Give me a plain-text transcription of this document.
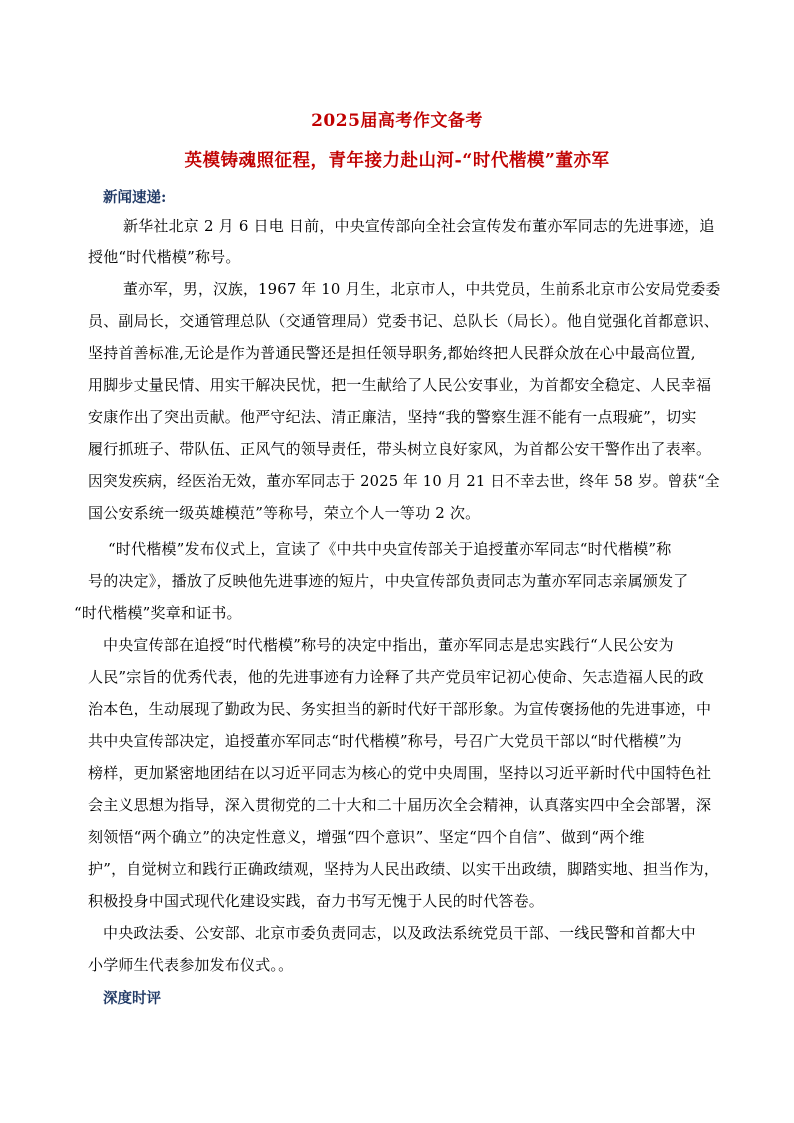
2025届高考作文备考
英模铸魂照征程，青年接力赴山河-“时代楷模”董亦军
新闻速递:
新华社北京 2 月 6 日电 日前，中央宣传部向全社会宣传发布董亦军同志的先进事迹，追
授他“时代楷模”称号。
董亦军，男，汉族，1967 年 10 月生，北京市人，中共党员，生前系北京市公安局党委委
员、副局长，交通管理总队（交通管理局）党委书记、总队长（局长）。他自觉强化首都意识、
坚持首善标准,无论是作为普通民警还是担任领导职务,都始终把人民群众放在心中最高位置,
用脚步丈量民情、用实干解决民忧，把一生献给了人民公安事业，为首都安全稳定、人民幸福
安康作出了突出贡献。他严守纪法、清正廉洁，坚持“我的警察生涯不能有一点瑕疵”，切实
履行抓班子、带队伍、正风气的领导责任，带头树立良好家风，为首都公安干警作出了表率。
因突发疾病，经医治无效，董亦军同志于 2025 年 10 月 21 日不幸去世，终年 58 岁。曾获“全
国公安系统一级英雄模范”等称号，荣立个人一等功 2 次。
“时代楷模”发布仪式上，宣读了《中共中央宣传部关于追授董亦军同志“时代楷模”称
号的决定》，播放了反映他先进事迹的短片，中央宣传部负责同志为董亦军同志亲属颁发了
“时代楷模”奖章和证书。
中央宣传部在追授“时代楷模”称号的决定中指出，董亦军同志是忠实践行“人民公安为
人民”宗旨的优秀代表，他的先进事迹有力诠释了共产党员牢记初心使命、矢志造福人民的政
治本色，生动展现了勤政为民、务实担当的新时代好干部形象。为宣传褒扬他的先进事迹，中
共中央宣传部决定，追授董亦军同志“时代楷模”称号，号召广大党员干部以“时代楷模”为
榜样，更加紧密地团结在以习近平同志为核心的党中央周围，坚持以习近平新时代中国特色社
会主义思想为指导，深入贯彻党的二十大和二十届历次全会精神，认真落实四中全会部署，深
刻领悟“两个确立”的决定性意义，增强“四个意识”、坚定“四个自信”、做到“两个维
护”，自觉树立和践行正确政绩观，坚持为人民出政绩、以实干出政绩，脚踏实地、担当作为，
积极投身中国式现代化建设实践，奋力书写无愧于人民的时代答卷。
中央政法委、公安部、北京市委负责同志，以及政法系统党员干部、一线民警和首都大中
小学师生代表参加发布仪式。。
深度时评
